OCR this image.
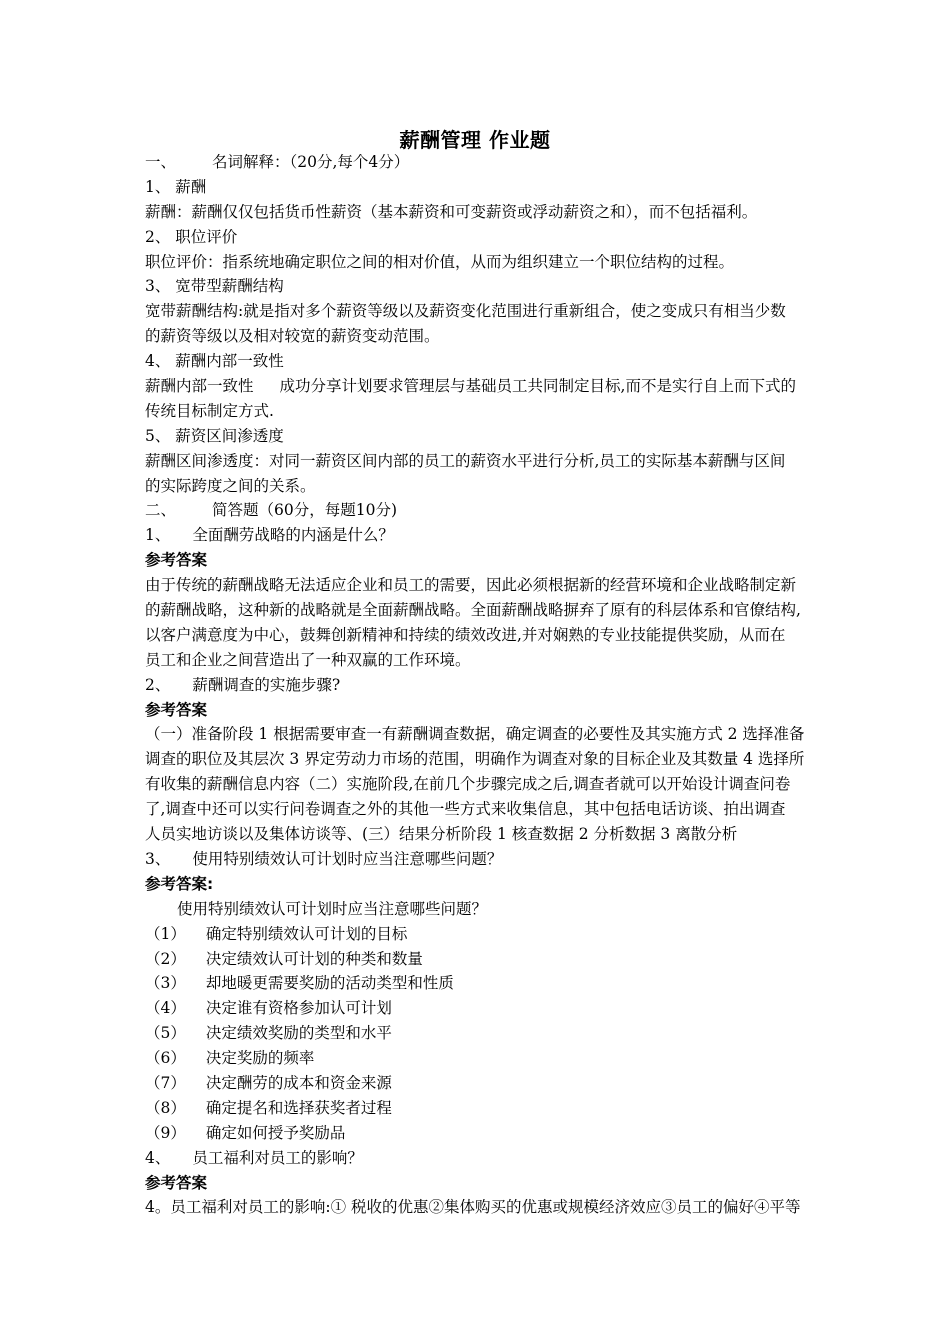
薪酬管理 作业题
一、 名词解释：（20分,每个4分）
1、 薪酬
薪酬：薪酬仅仅包括货币性薪资（基本薪资和可变薪资或浮动薪资之和），而不包括福利。
2、 职位评价
职位评价：指系统地确定职位之间的相对价值，从而为组织建立一个职位结构的过程。
3、 宽带型薪酬结构
宽带薪酬结构:就是指对多个薪资等级以及薪资变化范围进行重新组合，使之变成只有相当少数
的薪资等级以及相对较宽的薪资变动范围。
4、 薪酬内部一致性
薪酬内部一致性 成功分享计划要求管理层与基础员工共同制定目标,而不是实行自上而下式的
传统目标制定方式.
5、 薪资区间渗透度
薪酬区间渗透度：对同一薪资区间内部的员工的薪资水平进行分析,员工的实际基本薪酬与区间
的实际跨度之间的关系。
二、 简答题（60分，每题10分)
1、 全面酬劳战略的内涵是什么？
参考答案
由于传统的薪酬战略无法适应企业和员工的需要，因此必须根据新的经营环境和企业战略制定新
的薪酬战略，这种新的战略就是全面薪酬战略。全面薪酬战略摒弃了原有的科层体系和官僚结构,
以客户满意度为中心，鼓舞创新精神和持续的绩效改进,并对娴熟的专业技能提供奖励，从而在
员工和企业之间营造出了一种双赢的工作环境。
2、 薪酬调查的实施步骤?
参考答案
（一）准备阶段 1 根据需要审查一有薪酬调查数据，确定调查的必要性及其实施方式 2 选择准备
调查的职位及其层次 3 界定劳动力市场的范围，明确作为调查对象的目标企业及其数量 4 选择所
有收集的薪酬信息内容（二）实施阶段,在前几个步骤完成之后,调查者就可以开始设计调查问卷
了,调查中还可以实行问卷调查之外的其他一些方式来收集信息，其中包括电话访谈、拍出调查
人员实地访谈以及集体访谈等、(三）结果分析阶段 1 核查数据 2 分析数据 3 离散分析
3、 使用特别绩效认可计划时应当注意哪些问题？
参考答案:
使用特别绩效认可计划时应当注意哪些问题？
（1） 确定特别绩效认可计划的目标
（2） 决定绩效认可计划的种类和数量
（3） 却地暖更需要奖励的活动类型和性质
（4） 决定谁有资格参加认可计划
（5） 决定绩效奖励的类型和水平
（6） 决定奖励的频率
（7） 决定酬劳的成本和资金来源
（8） 确定提名和选择获奖者过程
（9） 确定如何授予奖励品
4、 员工福利对员工的影响？
参考答案
4。员工福利对员工的影响:① 税收的优惠②集体购买的优惠或规模经济效应③员工的偏好④平等
